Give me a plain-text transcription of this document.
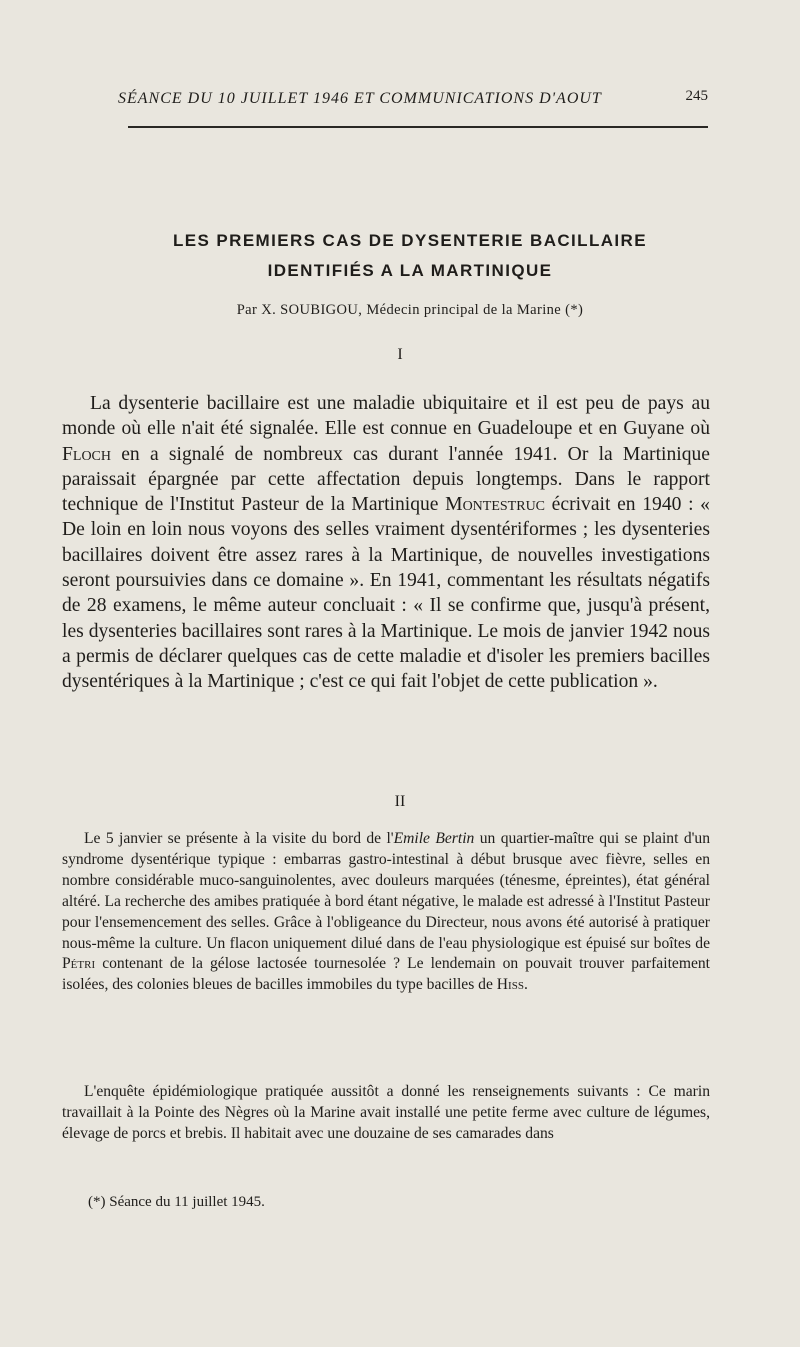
SÉANCE DU 10 JUILLET 1946 ET COMMUNICATIONS D'AOUT	245
LES PREMIERS CAS DE DYSENTERIE BACILLAIRE
IDENTIFIÉS A LA MARTINIQUE
Par X. SOUBIGOU, Médecin principal de la Marine (*)
I

La dysenterie bacillaire est une maladie ubiquitaire et il est peu de pays au monde où elle n'ait été signalée. Elle est connue en Guadeloupe et en Guyane où Floch en a signalé de nombreux cas durant l'année 1941. Or la Martinique paraissait épargnée par cette affectation depuis longtemps. Dans le rapport technique de l'Institut Pasteur de la Martinique Montestruc écrivait en 1940 : « De loin en loin nous voyons des selles vraiment dysentériformes ; les dysenteries bacillaires doivent être assez rares à la Martinique, de nouvelles investigations seront poursuivies dans ce domaine ». En 1941, commentant les résultats négatifs de 28 examens, le même auteur concluait : « Il se confirme que, jusqu'à présent, les dysenteries bacillaires sont rares à la Martinique. Le mois de janvier 1942 nous a permis de déclarer quelques cas de cette maladie et d'isoler les premiers bacilles dysentériques à la Martinique ; c'est ce qui fait l'objet de cette publication ».

II

Le 5 janvier se présente à la visite du bord de l'Emile Bertin un quartier-maître qui se plaint d'un syndrome dysentérique typique : embarras gastro-intestinal à début brusque avec fièvre, selles en nombre considérable muco-sanguinolentes, avec douleurs marquées (ténesme, épreintes), état général altéré. La recherche des amibes pratiquée à bord étant négative, le malade est adressé à l'Institut Pasteur pour l'ensemencement des selles. Grâce à l'obligeance du Directeur, nous avons été autorisé à pratiquer nous-même la culture. Un flacon uniquement dilué dans de l'eau physiologique est épuisé sur boîtes de Pétri contenant de la gélose lactosée tournesolée ? Le lendemain on pouvait trouver parfaitement isolées, des colonies bleues de bacilles immobiles du type bacilles de Hiss.

L'enquête épidémiologique pratiquée aussitôt a donné les renseignements suivants : Ce marin travaillait à la Pointe des Nègres où la Marine avait installé une petite ferme avec culture de légumes, élevage de porcs et brebis. Il habitait avec une douzaine de ses camarades dans

(*) Séance du 11 juillet 1945.
